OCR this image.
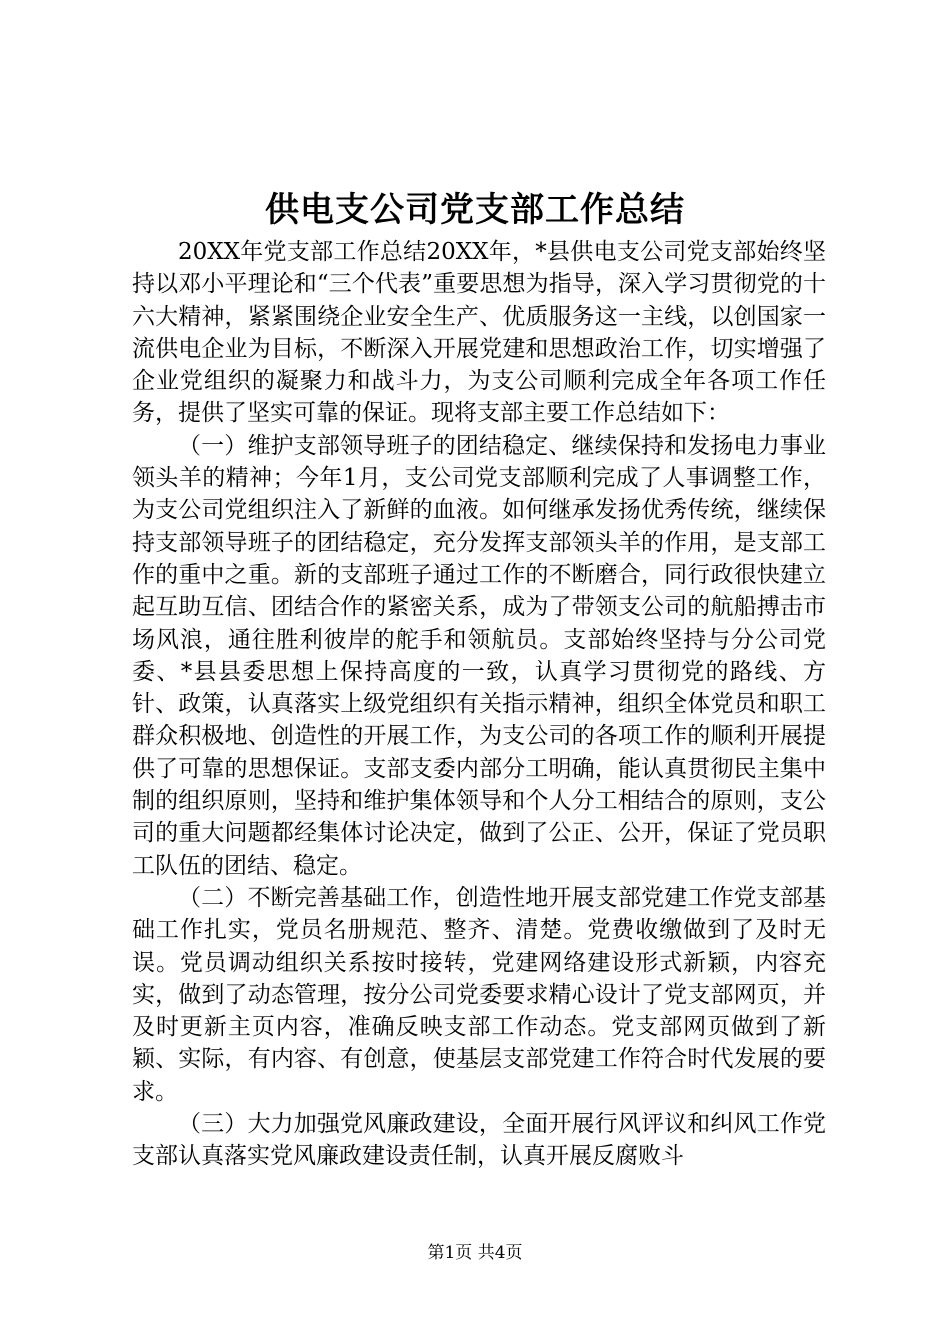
供电支公司党支部工作总结

20XX年党支部工作总结20XX年，*县供电支公司党支部始终坚持以邓小平理论和“三个代表”重要思想为指导，深入学习贯彻党的十六大精神，紧紧围绕企业安全生产、优质服务这一主线，以创国家一流供电企业为目标，不断深入开展党建和思想政治工作，切实增强了企业党组织的凝聚力和战斗力，为支公司顺利完成全年各项工作任务，提供了坚实可靠的保证。现将支部主要工作总结如下：

（一）维护支部领导班子的团结稳定、继续保持和发扬电力事业领头羊的精神；今年1月，支公司党支部顺利完成了人事调整工作，为支公司党组织注入了新鲜的血液。如何继承发扬优秀传统，继续保持支部领导班子的团结稳定，充分发挥支部领头羊的作用，是支部工作的重中之重。新的支部班子通过工作的不断磨合，同行政很快建立起互助互信、团结合作的紧密关系，成为了带领支公司的航船搏击市场风浪，通往胜利彼岸的舵手和领航员。支部始终坚持与分公司党委、*县县委思想上保持高度的一致，认真学习贯彻党的路线、方针、政策，认真落实上级党组织有关指示精神，组织全体党员和职工群众积极地、创造性的开展工作，为支公司的各项工作的顺利开展提供了可靠的思想保证。支部支委内部分工明确，能认真贯彻民主集中制的组织原则，坚持和维护集体领导和个人分工相结合的原则，支公司的重大问题都经集体讨论决定，做到了公正、公开，保证了党员职工队伍的团结、稳定。

（二）不断完善基础工作，创造性地开展支部党建工作党支部基础工作扎实，党员名册规范、整齐、清楚。党费收缴做到了及时无误。党员调动组织关系按时接转，党建网络建设形式新颖，内容充实，做到了动态管理，按分公司党委要求精心设计了党支部网页，并及时更新主页内容，准确反映支部工作动态。党支部网页做到了新颖、实际，有内容、有创意，使基层支部党建工作符合时代发展的要求。

（三）大力加强党风廉政建设，全面开展行风评议和纠风工作党支部认真落实党风廉政建设责任制，认真开展反腐败斗

第1页 共4页
